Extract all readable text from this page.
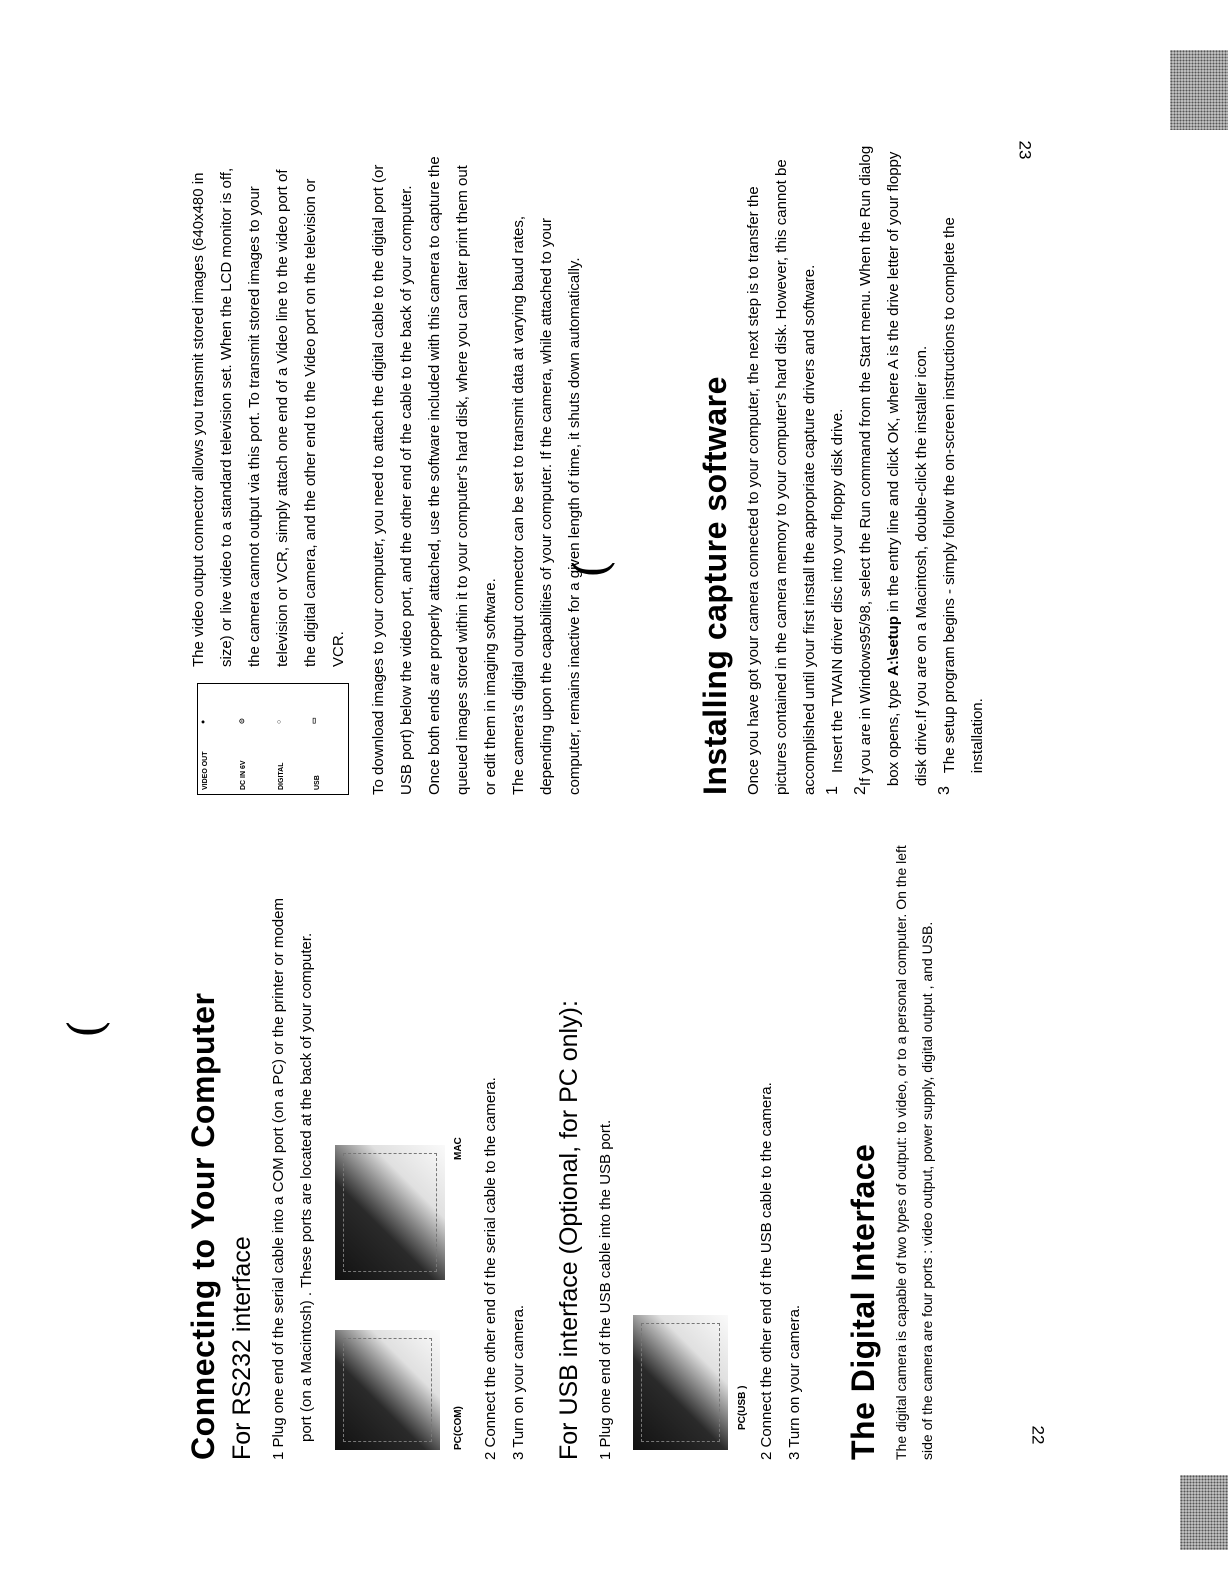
)
)
23
22
Connecting to Your Computer For RS232 interface 1 Plug one end of the serial cable into a COM port (on a PC) or the printer or modem port (on a Macintosh) . These ports are located at the back of your computer.	PC(COM)
MAC	2 Connect the other end of the serial cable to the camera. 3 Turn on your camera. For USB interface (Optional, for PC only): 1 Plug one end of the USB cable into the USB port.	PC(USB ) 2 Connect the other end of the USB cable to the camera. 3 Turn on your camera. The Digital Interface The digital camera is capable of two types of output: to video, or to a personal computer. On the left side of the camera are four ports : video output, power supply, digital output , and USB.

VIDEO OUT
●
DC IN 6V
⊙
DIGITAL
○
USB
▭

The video output connector allows you transmit stored images (640x480 in size) or live video to a standard television set. When the LCD monitor is off, the camera cannot output via this port. To transmit stored images to your television or VCR, simply attach one end of a Video line to the video port of the digital camera, and the other end to the Video port on the television or VCR.	To download images to your computer, you need to attach the digital cable to the digital port (or USB port) below the video port, and the other end of the cable to the back of your computer. Once both ends are properly attached, use the software included with this camera to capture the queued images stored within it to your computer's hard disk, where you can later print them out or edit them in imaging software. The camera's digital output connector can be set to transmit data at varying baud rates, depending upon the capabilities of your computer. If the camera, while attached to your computer, remains inactive for a given length of time, it shuts down automatically.	Installing capture software Once you have got your camera connected to your computer, the next step is to transfer the pictures contained in the camera memory to your computer's hard disk. However, this cannot be accomplished until your first install the appropriate capture drivers and software. 1

Insert the TWAIN driver disc into your floppy disk drive.

2

If you are in Windows95/98, select the Run command from the Start menu. When the Run dialog box opens, type A:\setup in the entry line and click OK, where A is the drive letter of your floppy disk drive.If you are on a Macintosh, double-click the installer icon.

3

The setup program begins - simply follow the on-screen instructions to complete the installation.
